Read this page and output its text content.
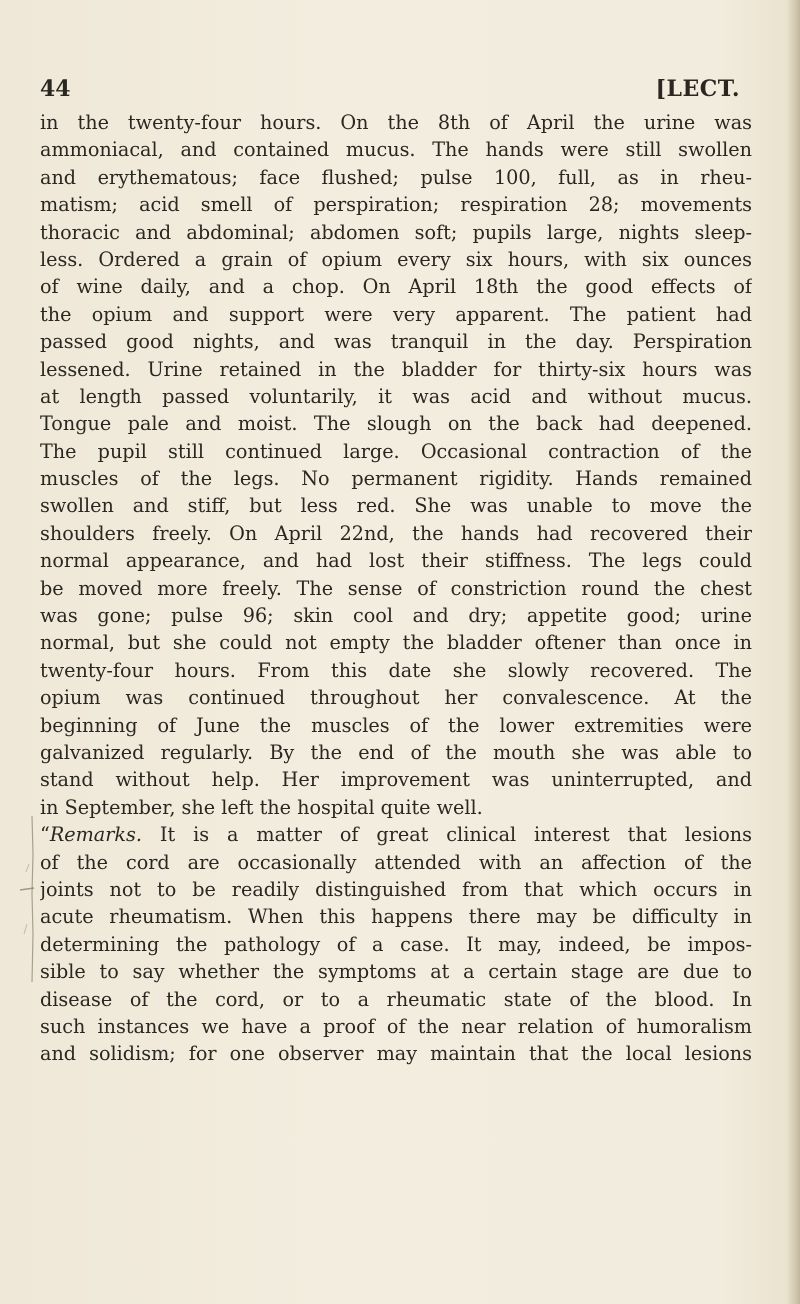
44	[LECT.
in the twenty-four hours. On the 8th of April the urine was
ammoniacal, and contained mucus. The hands were still swollen
and erythematous; face flushed; pulse 100, full, as in rheu-
matism; acid smell of perspiration; respiration 28; movements
thoracic and abdominal; abdomen soft; pupils large, nights sleep-
less. Ordered a grain of opium every six hours, with six ounces
of wine daily, and a chop. On April 18th the good effects of
the opium and support were very apparent. The patient had
passed good nights, and was tranquil in the day. Perspiration
lessened. Urine retained in the bladder for thirty-six hours was
at length passed voluntarily, it was acid and without mucus.
Tongue pale and moist. The slough on the back had deepened.
The pupil still continued large. Occasional contraction of the
muscles of the legs. No permanent rigidity. Hands remained
swollen and stiff, but less red. She was unable to move the
shoulders freely. On April 22nd, the hands had recovered their
normal appearance, and had lost their stiffness. The legs could
be moved more freely. The sense of constriction round the chest
was gone; pulse 96; skin cool and dry; appetite good; urine
normal, but she could not empty the bladder oftener than once in
twenty-four hours. From this date she slowly recovered. The
opium was continued throughout her convalescence. At the
beginning of June the muscles of the lower extremities were
galvanized regularly. By the end of the mouth she was able to
stand without help. Her improvement was uninterrupted, and
in September, she left the hospital quite well.
“Remarks. It is a matter of great clinical interest that lesions
of the cord are occasionally attended with an affection of the
joints not to be readily distinguished from that which occurs in
acute rheumatism. When this happens there may be difficulty in
determining the pathology of a case. It may, indeed, be impos-
sible to say whether the symptoms at a certain stage are due to
disease of the cord, or to a rheumatic state of the blood. In
such instances we have a proof of the near relation of humoralism
and solidism; for one observer may maintain that the local lesions
